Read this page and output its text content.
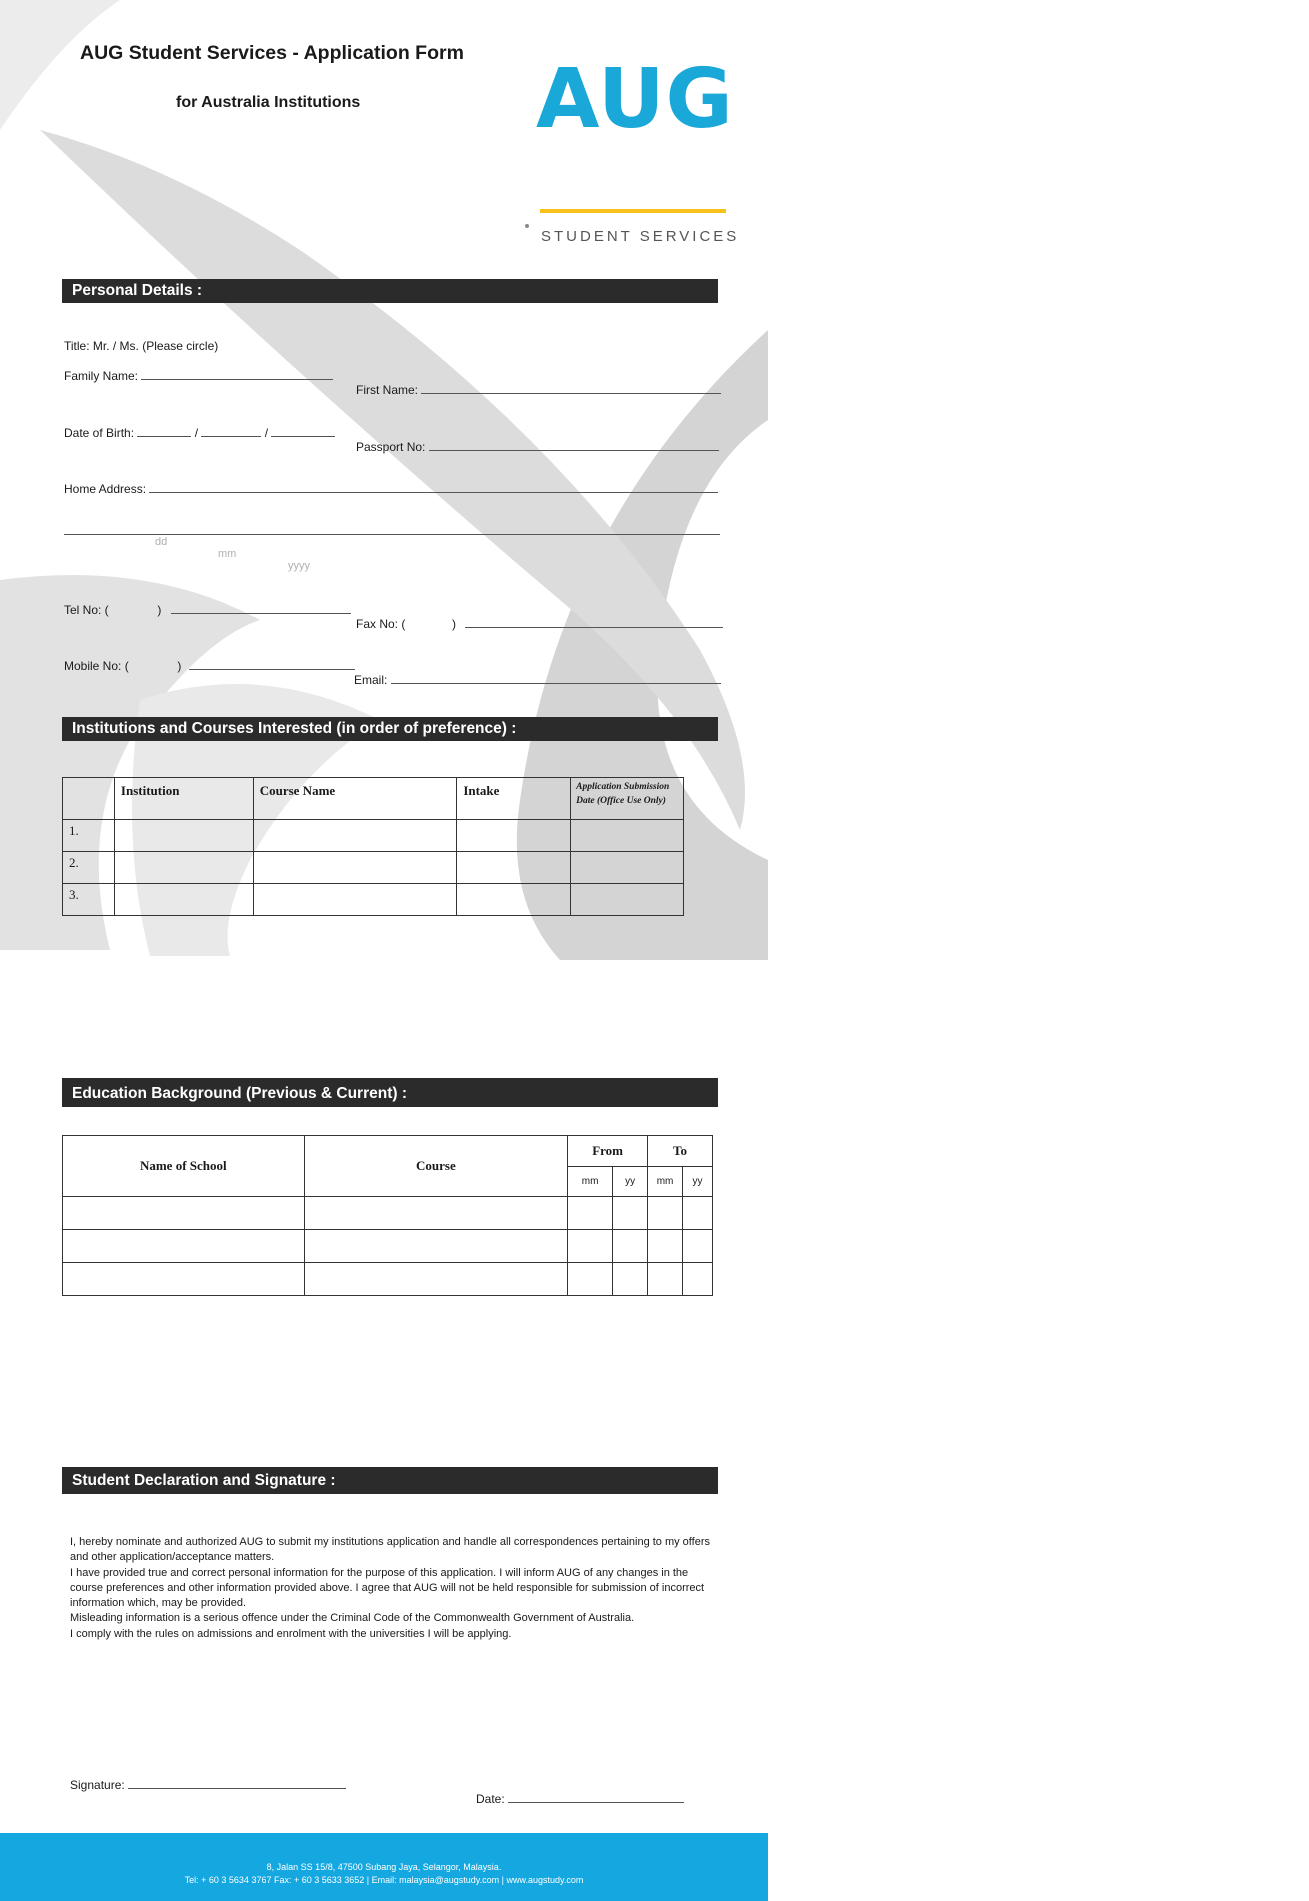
AUG Student Services - Application Form
for Australia Institutions	AUG
STUDENT SERVICES
Personal Details :
Title: Mr. / Ms. (Please circle)
Family Name:
First Name:
Date of Birth:	/	/
Passport No:
Home Address:
dd
mm
yyyy
Tel No: (	)
Fax No: (	)
Mobile No: (	)
Email:
Institutions and Courses Interested (in order of preference) :
	Institution	Course Name	Intake	Application Submission Date (Office Use Only)
1.				
2.				
3.				
Education Background (Previous & Current) :
Name of School	Course	From		To	
		mm	yy	mm	yy

Student Declaration and Signature :

I, hereby nominate and authorized AUG to submit my institutions application and handle all correspondences pertaining to my offers and other application/acceptance matters.

I have provided true and correct personal information for the purpose of this application. I will inform AUG of any changes in the course preferences and other information provided above. I agree that AUG will not be held responsible for submission of incorrect information which, may be provided.

Misleading information is a serious offence under the Criminal Code of the Commonwealth Government of Australia.

I comply with the rules on admissions and enrolment with the universities I will be applying.

Signature:
Date:
8, Jalan SS 15/8, 47500 Subang Jaya, Selangor, Malaysia.
Tel: + 60 3 5634 3767 Fax: + 60 3 5633 3652 | Email: malaysia@augstudy.com | www.augstudy.com
